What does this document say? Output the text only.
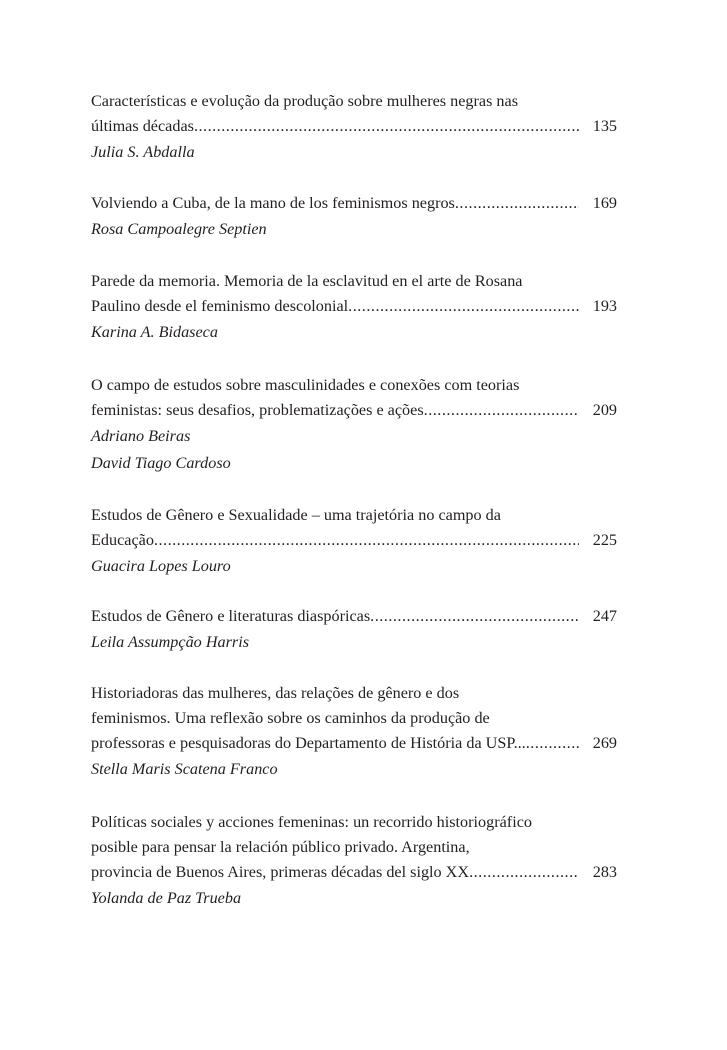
Características e evolução da produção sobre mulheres negras nas
últimas décadas .....	135
Julia S. Abdalla
Volviendo a Cuba, de la mano de los feminismos negros .....	169
Rosa Campoalegre Septien
Parede da memoria. Memoria de la esclavitud en el arte de Rosana
Paulino desde el feminismo descolonial .....	193
Karina A. Bidaseca
O campo de estudos sobre masculinidades e conexões com teorias
feministas: seus desafios, problematizações e ações .....	209
Adriano Beiras
David Tiago Cardoso
Estudos de Gênero e Sexualidade – uma trajetória no campo da
Educação .....	225
Guacira Lopes Louro
Estudos de Gênero e literaturas diaspóricas .....	247
Leila Assumpção Harris
Historiadoras das mulheres, das relações de gênero e dos
feminismos. Uma reflexão sobre os caminhos da produção de
professoras e pesquisadoras do Departamento de História da USP... .....	269
Stella Maris Scatena Franco
Políticas sociales y acciones femeninas: un recorrido historiográfico
posible para pensar la relación público privado. Argentina,
provincia de Buenos Aires, primeras décadas del siglo XX .....	283
Yolanda de Paz Trueba
